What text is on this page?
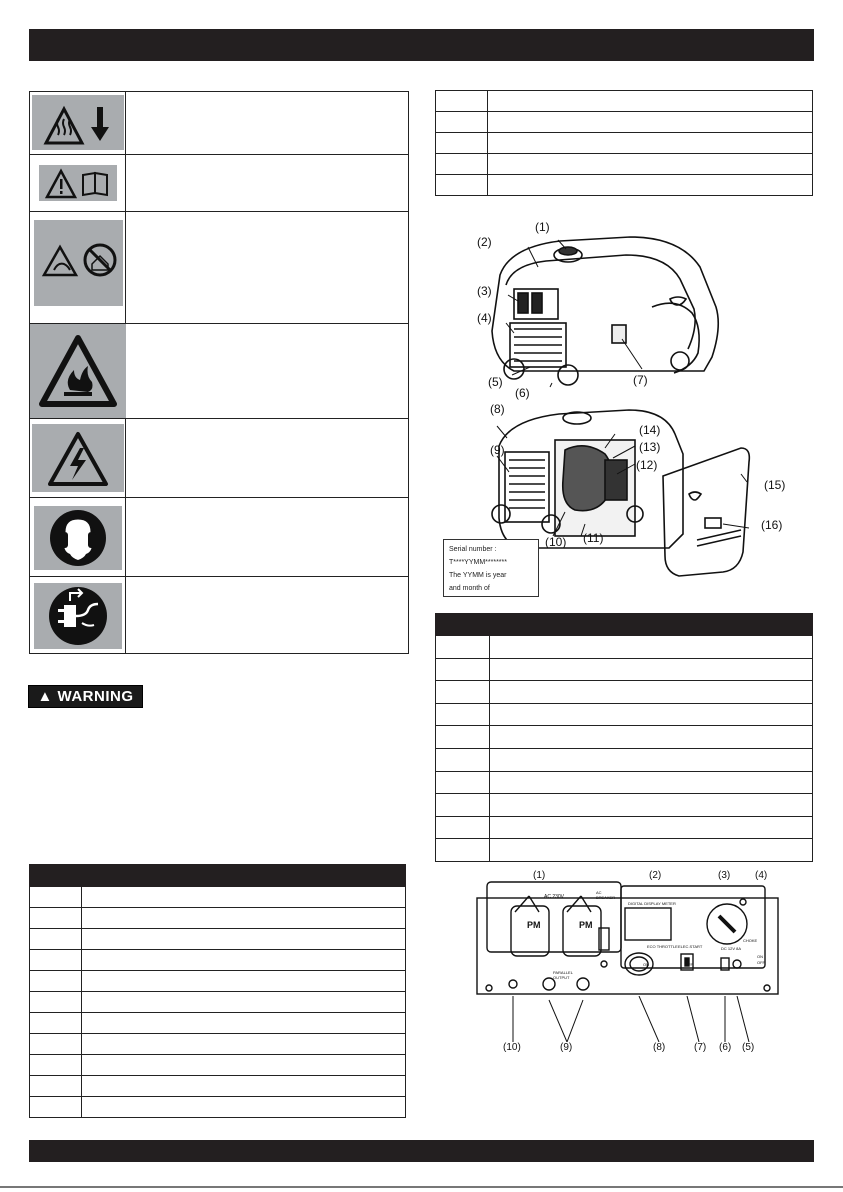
▲ WARNING
(1)
(2)
(3)
(4)
(5)
(6)
(7)
(8)
(9)
(10) (11)
(12)
(13)
(14)
(15)
(16)
Serial number :
T****YYMM********
The YYMM is year
and month of
(1)	(2)	(3) (4)
AC 230V
AC BREAKER
DIGITAL DISPLAY METER
PM	PM
ECO THROTTLE
ON	OFF
ELEC.START	DC 12V 8A
CHOKE
PARALLEL OUTPUT
ON
OFF
(10)	(9)	(8)	(7) (6) (5)
